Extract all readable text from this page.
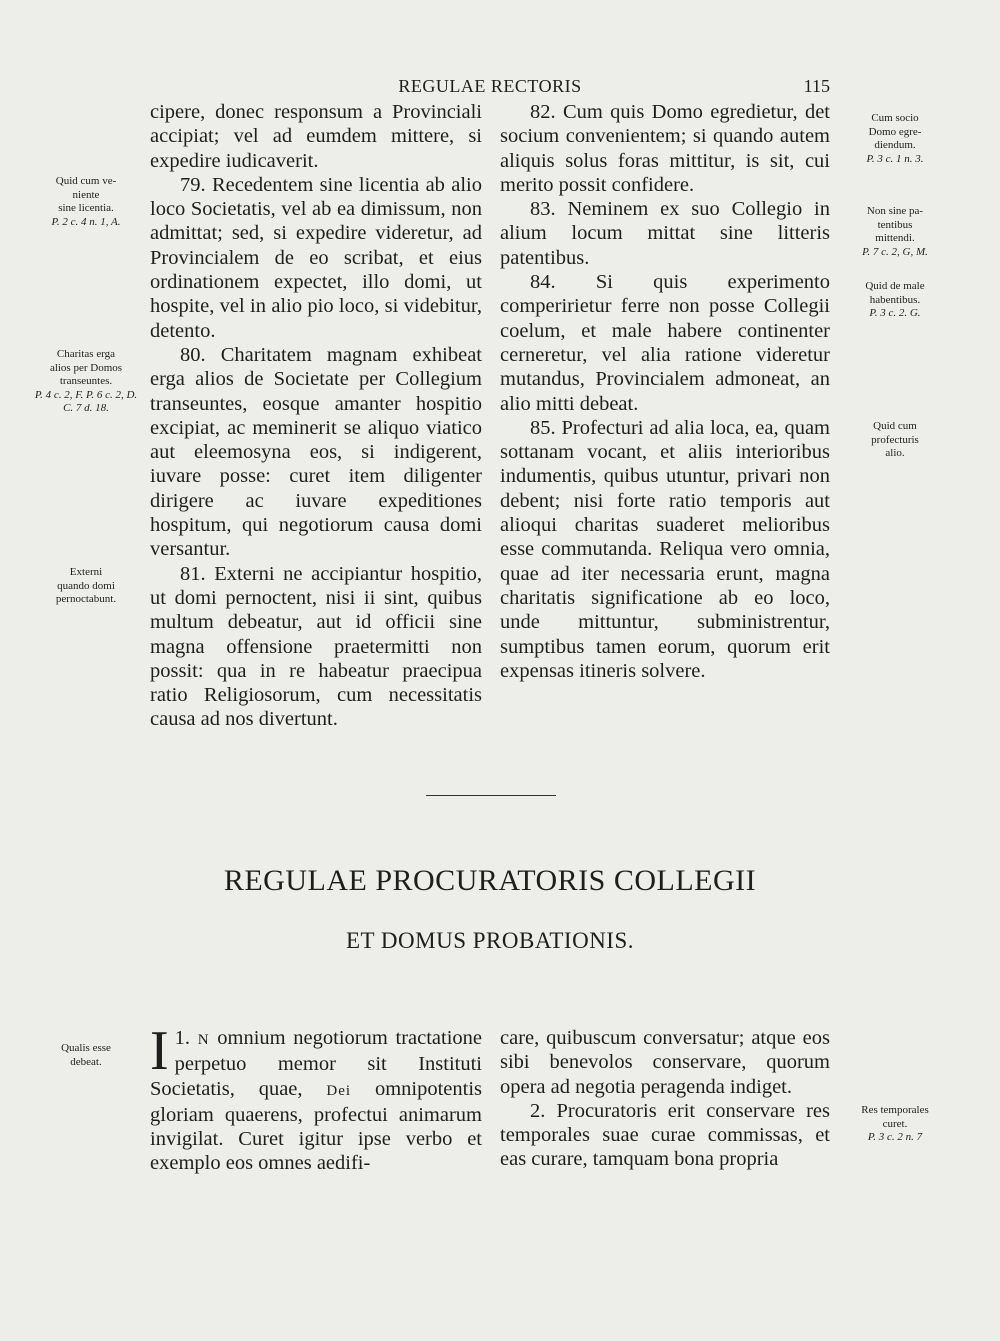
REGULAE RECTORIS	115

cipere, donec responsum a Provinciali accipiat; vel ad eumdem mittere, si expedire iudicaverit.

79. Recedentem sine licentia ab alio loco Societatis, vel ab ea dimissum, non admittat; sed, si expedire videretur, ad Provincialem de eo scribat, et eius ordinationem expectet, illo domi, ut hospite, vel in alio pio loco, si videbitur, detento.

80. Charitatem magnam exhibeat erga alios de Societate per Collegium transeuntes, eosque amanter hospitio excipiat, ac meminerit se aliquo viatico aut eleemosyna eos, si indigerent, iuvare posse: curet item diligenter dirigere ac iuvare expeditiones hospitum, qui negotiorum causa domi versantur.

81. Externi ne accipiantur hospitio, ut domi pernoctent, nisi ii sint, quibus multum debeatur, aut id officii sine magna offensione praetermitti non possit: qua in re habeatur praecipua ratio Religiosorum, cum necessitatis causa ad nos divertunt.

82. Cum quis Domo egredietur, det socium convenientem; si quando autem aliquis solus foras mittitur, is sit, cui merito possit confidere.

83. Neminem ex suo Collegio in alium locum mittat sine litteris patentibus.

84. Si quis experimento comperirietur ferre non posse Collegii coelum, et male habere continenter cerneretur, vel alia ratione videretur mutandus, Provincialem admoneat, an alio mitti debeat.

85. Profecturi ad alia loca, ea, quam sottanam vocant, et aliis interioribus indumentis, quibus utuntur, privari non debent; nisi forte ratio temporis aut alioqui charitas suaderet melioribus esse commutanda. Reliqua vero omnia, quae ad iter necessaria erunt, magna charitatis significatione ab eo loco, unde mittuntur, subministrentur, sumptibus tamen eorum, quorum erit expensas itineris solvere.

Quid cum ve-
niente
sine licentia.
P. 2 c. 4 n. 1, A.
Charitas erga
alios per Domos
transeuntes.
P. 4 c. 2, F. P. 6 c. 2, D. C. 7 d. 18.
Externi
quando domi
pernoctabunt.
Qualis esse
debeat.
Cum socio
Domo egre-
diendum.
P. 3 c. 1 n. 3.
Non sine pa-
tentibus
mittendi.
P. 7 c. 2, G, M.
Quid de male
habentibus.
P. 3 c. 2. G.
Quid cum
profecturis
alio.
Res temporales
curet.
P. 3 c. 2 n. 7
REGULAE PROCURATORIS COLLEGII
ET DOMUS PROBATIONIS.

1.
I N omnium negotiorum tractatione perpetuo memor sit Instituti Societatis, quae, Dei omnipotentis gloriam quaerens, profectui animarum invigilat. Curet igitur ipse verbo et exemplo eos omnes aedifi-

care, quibuscum conversatur; atque eos sibi benevolos conservare, quorum opera ad negotia peragenda indiget.

2. Procuratoris erit conservare res temporales suae curae commissas, et eas curare, tamquam bona propria
